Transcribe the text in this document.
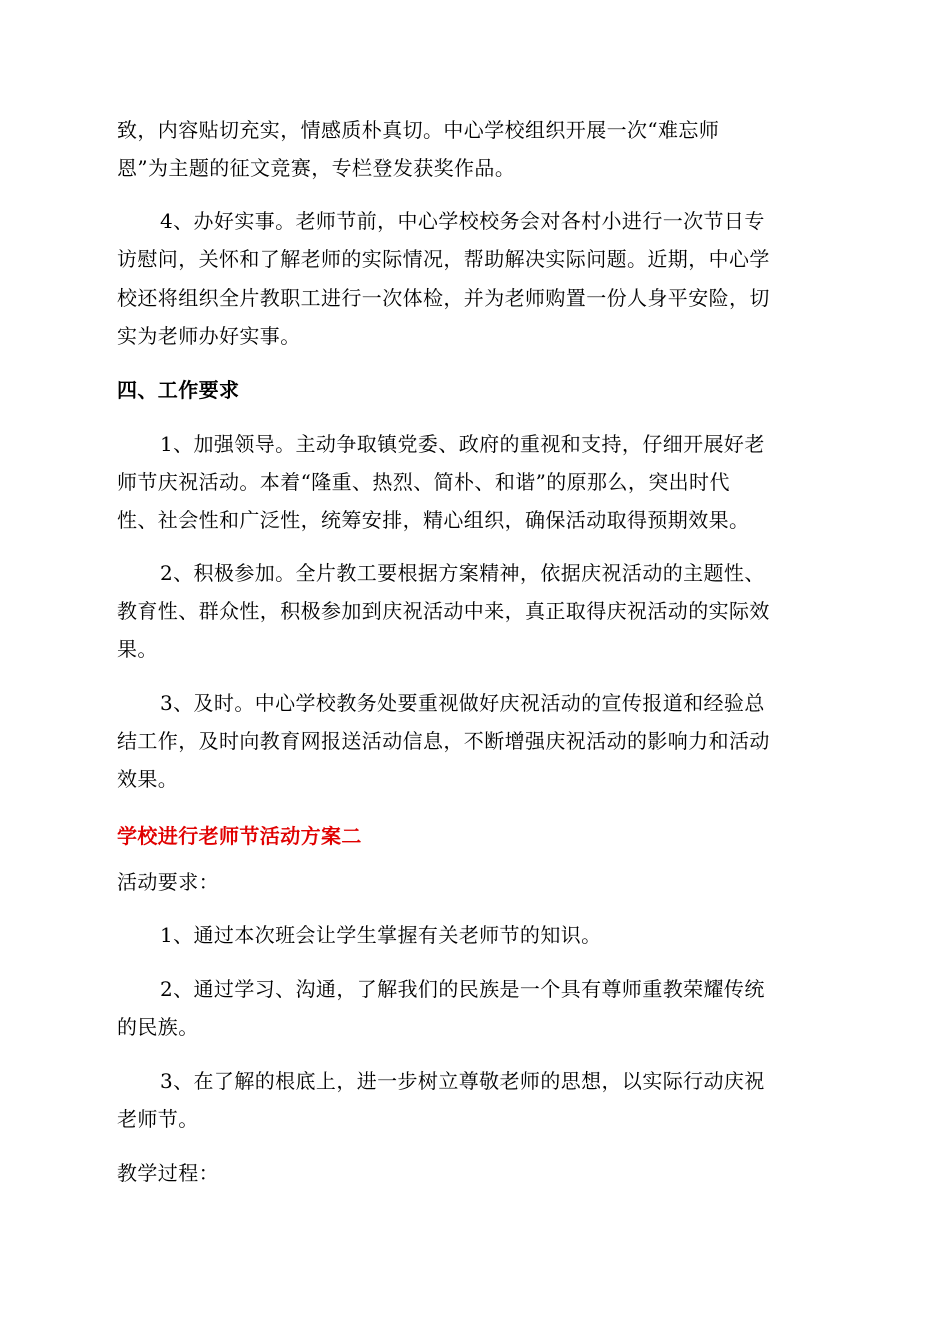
致，内容贴切充实，情感质朴真切。中心学校组织开展一次“难忘师
恩”为主题的征文竞赛，专栏登发获奖作品。
4、办好实事。老师节前，中心学校校务会对各村小进行一次节日专
访慰问，关怀和了解老师的实际情况，帮助解决实际问题。近期，中心学
校还将组织全片教职工进行一次体检，并为老师购置一份人身平安险，切
实为老师办好实事。
四、工作要求
1、加强领导。主动争取镇党委、政府的重视和支持，仔细开展好老
师节庆祝活动。本着“隆重、热烈、简朴、和谐”的原那么，突出时代
性、社会性和广泛性，统筹安排，精心组织，确保活动取得预期效果。
2、积极参加。全片教工要根据方案精神，依据庆祝活动的主题性、
教育性、群众性，积极参加到庆祝活动中来，真正取得庆祝活动的实际效
果。
3、及时。中心学校教务处要重视做好庆祝活动的宣传报道和经验总
结工作，及时向教育网报送活动信息，不断增强庆祝活动的影响力和活动
效果。
学校进行老师节活动方案二
活动要求：
1、通过本次班会让学生掌握有关老师节的知识。
2、通过学习、沟通，了解我们的民族是一个具有尊师重教荣耀传统
的民族。
3、在了解的根底上，进一步树立尊敬老师的思想，以实际行动庆祝
老师节。
教学过程：
